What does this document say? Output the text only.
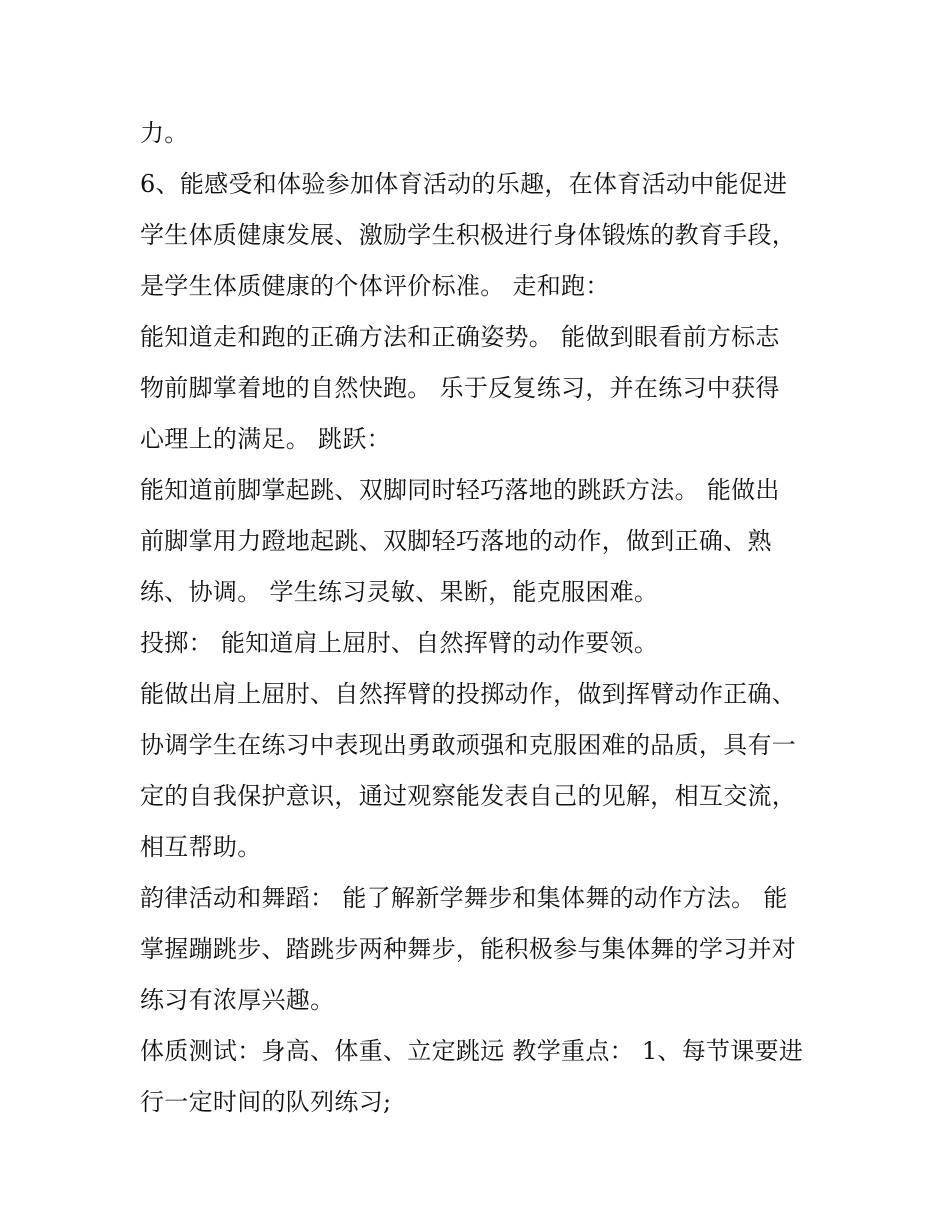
力。
6、能感受和体验参加体育活动的乐趣，在体育活动中能促进
学生体质健康发展、激励学生积极进行身体锻炼的教育手段，
是学生体质健康的个体评价标准。 走和跑：
能知道走和跑的正确方法和正确姿势。 能做到眼看前方标志
物前脚掌着地的自然快跑。 乐于反复练习，并在练习中获得
心理上的满足。 跳跃：
能知道前脚掌起跳、双脚同时轻巧落地的跳跃方法。 能做出
前脚掌用力蹬地起跳、双脚轻巧落地的动作，做到正确、熟
练、协调。 学生练习灵敏、果断，能克服困难。
投掷： 能知道肩上屈肘、自然挥臂的动作要领。
能做出肩上屈肘、自然挥臂的投掷动作，做到挥臂动作正确、
协调学生在练习中表现出勇敢顽强和克服困难的品质，具有一
定的自我保护意识，通过观察能发表自己的见解，相互交流，
相互帮助。
韵律活动和舞蹈： 能了解新学舞步和集体舞的动作方法。 能
掌握蹦跳步、踏跳步两种舞步，能积极参与集体舞的学习并对
练习有浓厚兴趣。
体质测试：身高、体重、立定跳远 教学重点： 1、每节课要进
行一定时间的队列练习;
